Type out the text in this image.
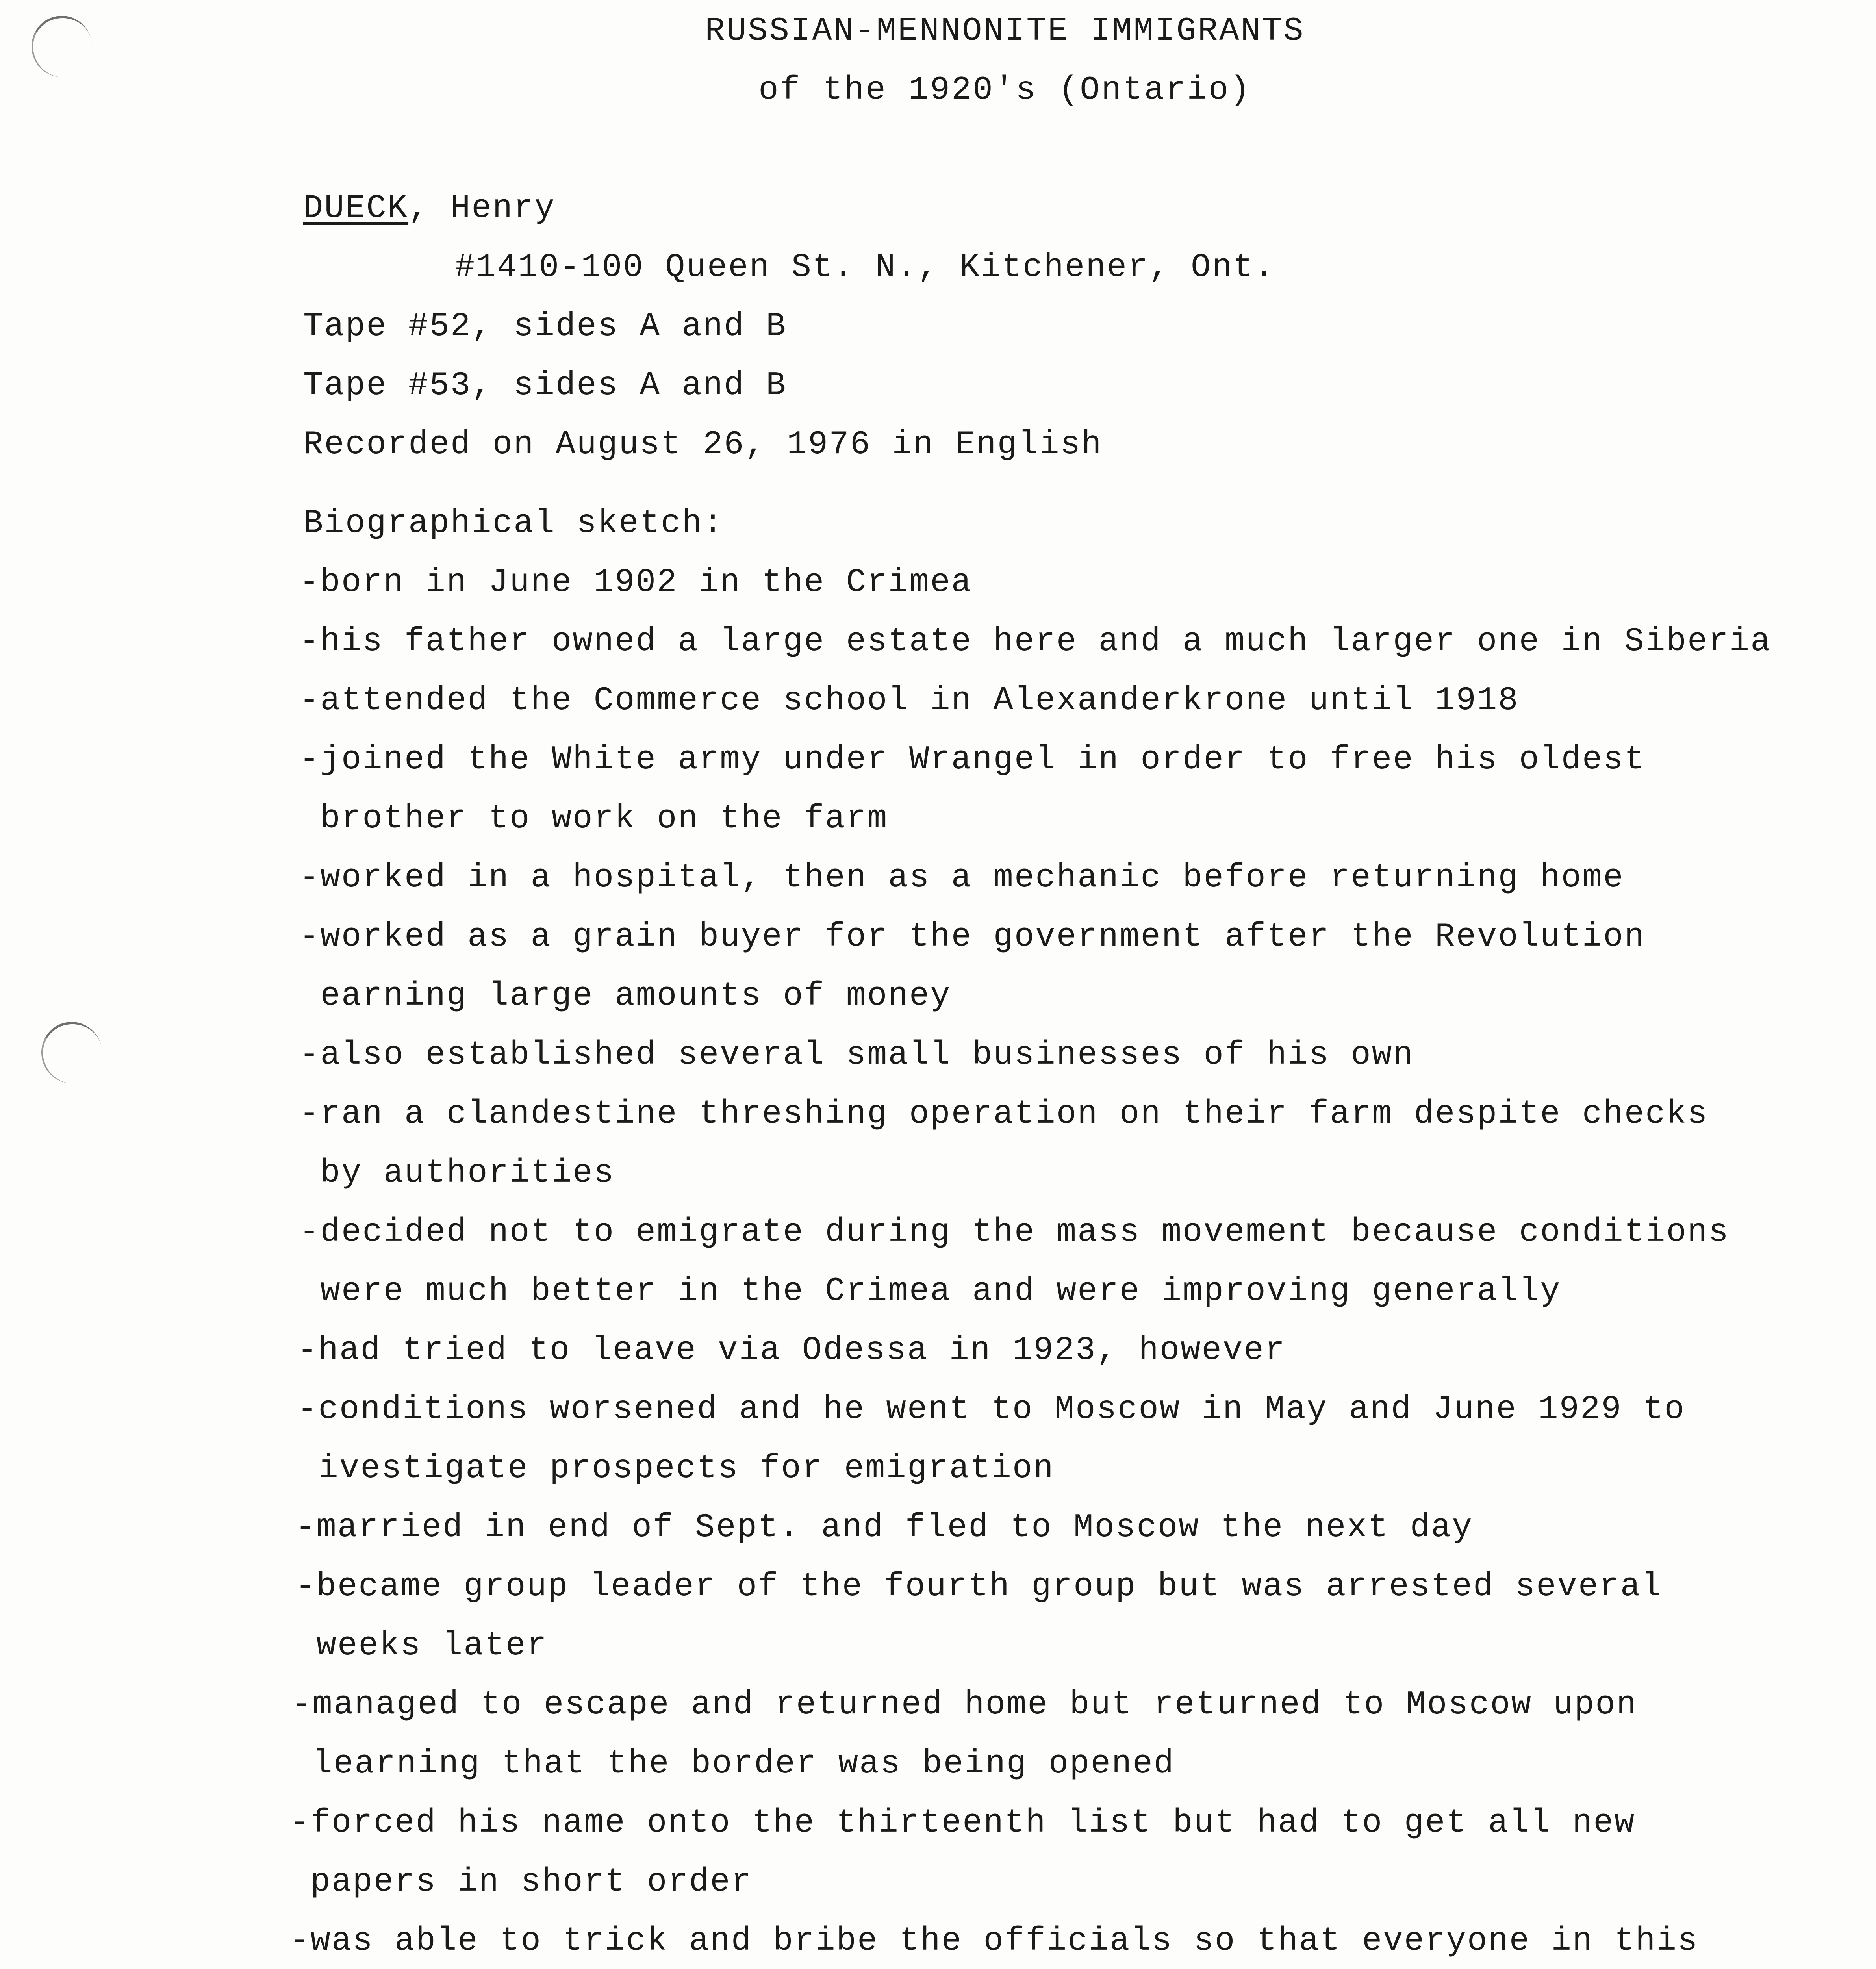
RUSSIAN-MENNONITE IMMIGRANTS
of the 1920's (Ontario)
DUECK, Henry
#1410-100 Queen St. N., Kitchener, Ont.
Tape #52, sides A and B
Tape #53, sides A and B
Recorded on August 26, 1976 in English
Biographical sketch:
-born in June 1902 in the Crimea
-his father owned a large estate here and a much larger one in Siberia
-attended the Commerce school in Alexanderkrone until 1918
-joined the White army under Wrangel in order to free his oldest
brother to work on the farm
-worked in a hospital, then as a mechanic before returning home
-worked as a grain buyer for the government after the Revolution
earning large amounts of money
-also established several small businesses of his own
-ran a clandestine threshing operation on their farm despite checks
by authorities
-decided not to emigrate during the mass movement because conditions
were much better in the Crimea and were improving generally
-had tried to leave via Odessa in 1923, however
-conditions worsened and he went to Moscow in May and June 1929 to
ivestigate prospects for emigration
-married in end of Sept. and fled to Moscow the next day
-became group leader of the fourth group but was arrested several
weeks later
-managed to escape and returned home but returned to Moscow upon
learning that the border was being opened
-forced his name onto the thirteenth list but had to get all new
papers in short order
-was able to trick and bribe the officials so that everyone in this
